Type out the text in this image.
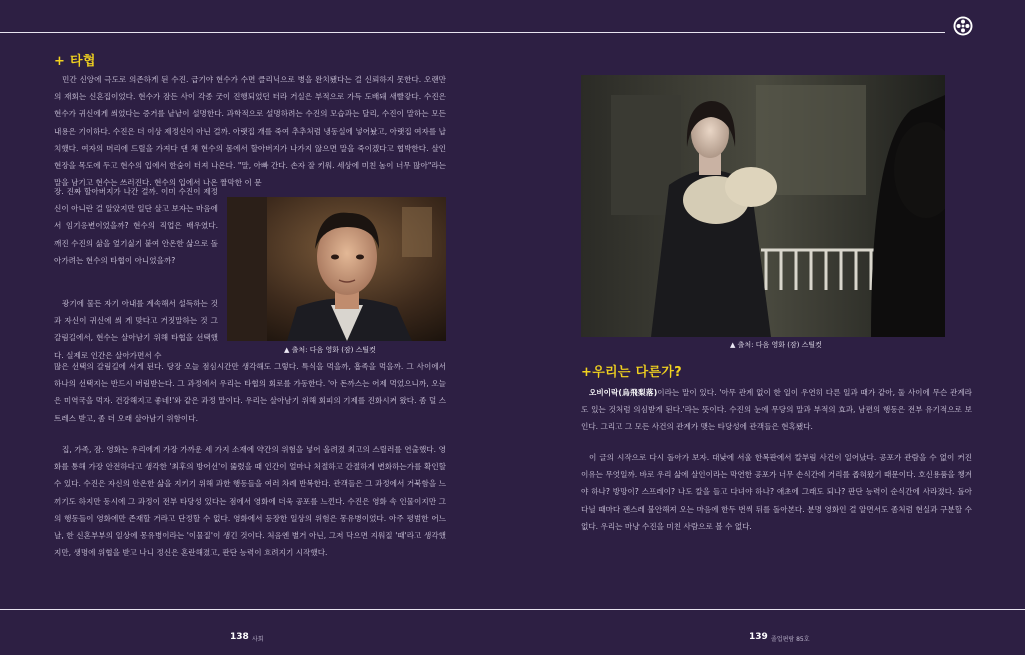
+ 타협

민간 신앙에 극도로 의존하게 된 수진. 급기야 현수가 수면 클리닉으로 병을 완치됐다는 걸 신뢰하지 못한다. 오랜만의 재회는 신혼집이었다. 현수가 잠든 사이 각종 굿이 진행되었던 터라 거실은 부적으로 가득 도배돼 새빨갛다. 수진은 현수가 귀신에게 씌었다는 증거를 낱낱이 설명한다. 과학적으로 설명하려는 수진의 모습과는 달리, 수진이 말하는 모든 내용은 기이하다. 수진은 더 이상 제정신이 아닌 걸까. 아랫집 개를 죽여 추추처럼 냉동실에 넣어놨고, 아랫집 여자를 납치했다. 여자의 머리에 드릴을 가져다 댄 채 현수의 몸에서 할아버지가 나가지 않으면 말을 죽이겠다고 협박한다. 살인 현장을 목도에 두고 현수의 입에서 한숨이 터져 나온다. "말, 아빠 간다. 손자 잘 키워. 세상에 미친 놈이 너무 많아"라는 말을 남기고 현수는 쓰러진다. 현수의 입에서 나온 짤막한 이 문

장. 진짜 할아버지가 나간 걸까. 이미 수진이 제정신이 아니란 걸 알았지만 일단 살고 보자는 마음에서 임기응변이었을까? 현수의 직업은 배우였다. 깨진 수진의 삶을 엎기싫기 붙여 안온한 삶으로 돌아가려는 현수의 타협이 아니었을까?

광기에 물든 자기 아내를 계속해서 설득하는 것과 자신이 귀신에 씌 게 맞다고 거짓말하는 것 그 갈림길에서, 현수는 살아남기 위해 타협을 선택했다. 실제로 인간은 살아가면서 수

▲ 출처: 다음 영화 (잠) 스틸컷

많은 선택의 갈림길에 서게 된다. 당장 오늘 점심시간만 생각해도 그렇다. 특식을 먹을까, 흡족을 먹을까. 그 사이에서 하나의 선택지는 반드시 버림받는다. 그 과정에서 우리는 타협의 회로를 가동한다. '아 돈까스는 어제 먹었으니까, 오늘은 미역국을 먹자. 건강해지고 좋네!'와 같은 과정 말이다. 우리는 살아남기 위해 회피의 기제를 진화시켜 왔다. 좀 덜 스트레스 받고, 좀 더 오래 살아남기 위함이다.

집, 가족, 잠. 영화는 우리에게 가장 가까운 세 가지 소재에 약간의 위험을 넣어 올려졌 최고의 스릴러를 연출했다. 영화를 통해 가장 안전하다고 생각한 '최후의 방어선'이 뚫렸을 때 인간이 얼마나 처절하고 간절하게 변화하는가를 확인할 수 있다. 수진은 자신의 안온한 삶을 지키기 위해 과한 행동들을 여러 차례 반복한다. 관객들은 그 과정에서 거북함을 느끼기도 하지만 동시에 그 과정이 전부 타당성 있다는 점에서 영화에 더욱 공포를 느낀다. 수진은 영화 속 인물이지만 그의 행동들이 영화에만 존재할 거라고 단정할 수 없다. 영화에서 등장한 일상의 위험은 몽유병이었다. 아주 평범한 어느 날, 한 신혼부부의 일상에 몽유병이라는 '이물질'이 생긴 것이다. 처음엔 별거 아닌, 그저 닥으면 지워질 '때'라고 생각했지만, 생명에 위협을 받고 나니 정신은 혼란해졌고, 판단 능력이 흐려지기 시작했다.

138 사회
▲ 출처: 다음 영화 (잠) 스틸컷
+우리는 다른가?

오비이락(烏飛梨落)이라는 말이 있다. '아무 관계 없이 한 일이 우연히 다른 일과 때가 같아, 둘 사이에 무슨 관계라도 있는 것처럼 의심받게 된다.'라는 뜻이다. 수진의 눈에 무당의 말과 부적의 효과, 남편의 행동은 전부 유기적으로 보인다. 그리고 그 모든 사건의 관계가 맺는 타당성에 관객들은 현혹됐다.

이 글의 시작으로 다시 돌아가 보자. 대낮에 서울 한복판에서 칼부림 사건이 일어났다. 공포가 관람을 수 없이 커진 이유는 무엇일까. 바로 우리 삶에 살인이라는 막연한 공포가 너무 손식간에 거리를 좁혀왔기 때문이다. 호신용품을 챙겨야 하나? 방망이? 스프레이? 나도 칼을 들고 다녀야 하나? 애초에 그래도 되나? 판단 능력이 순식간에 사라졌다. 돌아다닐 때마다 괜스레 불안해져 오는 마음에 한두 번씩 뒤를 돌아본다. 분명 영화인 걸 알면서도 좀처럼 현실과 구분할 수 없다. 우리는 마냥 수진을 미친 사람으로 볼 수 없다.

139 졸업편람 85호
